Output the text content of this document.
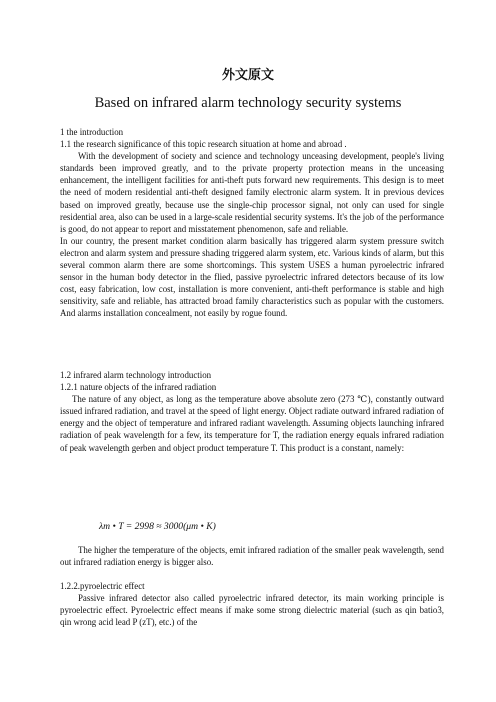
外文原文
Based on infrared alarm technology security systems

1 the introduction

1.1 the research significance of this topic research situation at home and abroad .

With the development of society and science and technology unceasing development, people's living standards been improved greatly, and to the private property protection means in the unceasing enhancement, the intelligent facilities for anti-theft puts forward new requirements. This design is to meet the need of modern residential anti-theft designed family electronic alarm system. It in previous devices based on improved greatly, because use the single-chip processor signal, not only can used for single residential area, also can be used in a large-scale residential security systems. It's the job of the performance is good, do not appear to report and misstatement phenomenon, safe and reliable.

In our country, the present market condition alarm basically has triggered alarm system pressure switch electron and alarm system and pressure shading triggered alarm system, etc. Various kinds of alarm, but this several common alarm there are some shortcomings. This system USES a human pyroelectric infrared sensor in the human body detector in the flied, passive pyroelectric infrared detectors because of its low cost, easy fabrication, low cost, installation is more convenient, anti-theft performance is stable and high sensitivity, safe and reliable, has attracted broad family characteristics such as popular with the customers. And alarms installation concealment, not easily by rogue found.

1.2 infrared alarm technology introduction

1.2.1 nature objects of the infrared radiation

The nature of any object, as long as the temperature above absolute zero (273 ℃), constantly outward issued infrared radiation, and travel at the speed of light energy. Object radiate outward infrared radiation of energy and the object of temperature and infrared radiant wavelength. Assuming objects launching infrared radiation of peak wavelength for a few, its temperature for T, the radiation energy equals infrared radiation of peak wavelength gerben and object product temperature T. This product is a constant, namely:

λm • T = 2998 ≈ 3000(μm • K)

The higher the temperature of the objects, emit infrared radiation of the smaller peak wavelength, send out infrared radiation energy is bigger also.

1.2.2.pyroelectric effect

Passive infrared detector also called pyroelectric infrared detector, its main working principle is pyroelectric effect. Pyroelectric effect means if make some strong dielectric material (such as qin batio3, qin wrong acid lead P (zT), etc.) of the
